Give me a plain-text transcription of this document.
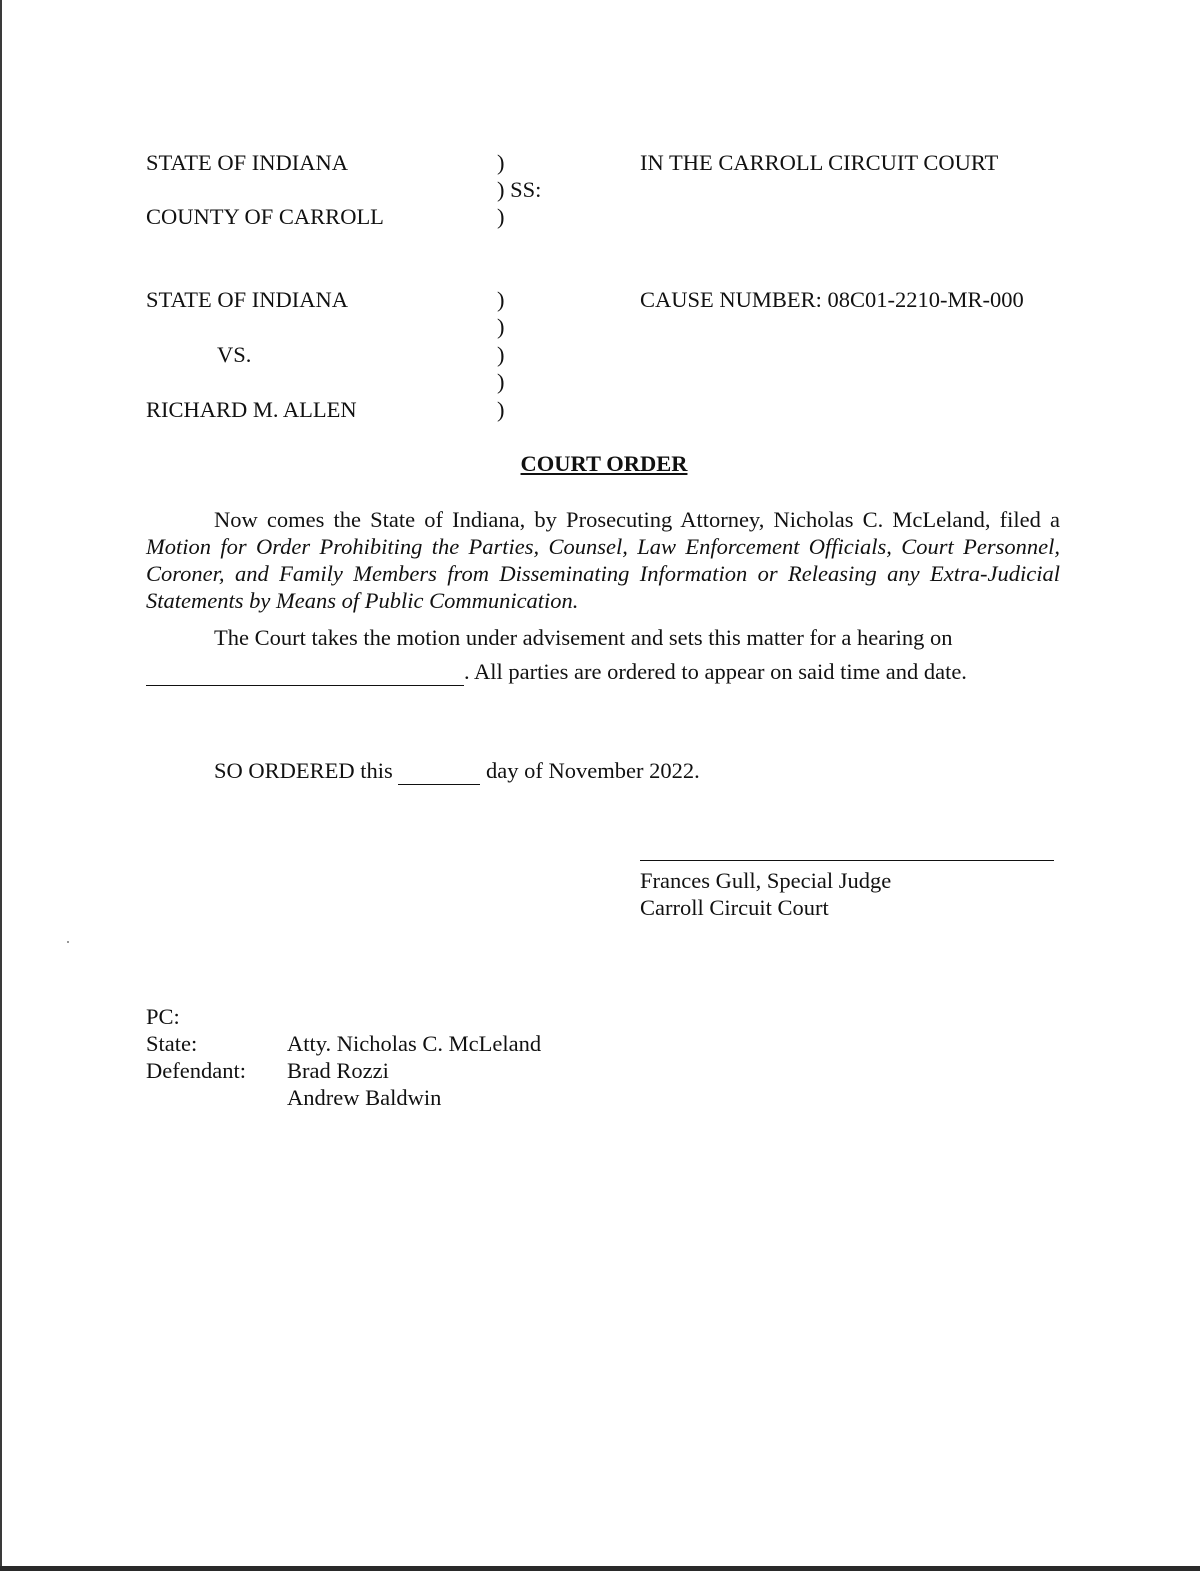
STATE OF INDIANA
COUNTY OF CARROLL
)
) SS:
)
IN THE CARROLL CIRCUIT COURT
STATE OF INDIANA
VS.
RICHARD M. ALLEN
)
)
)
)
)
CAUSE NUMBER: 08C01-2210-MR-000
COURT ORDER
Now comes the State of Indiana, by Prosecuting Attorney, Nicholas C. McLeland, filed a Motion for Order Prohibiting the Parties, Counsel, Law Enforcement Officials, Court Personnel, Coroner, and Family Members from Disseminating Information or Releasing any Extra-Judicial Statements by Means of Public Communication.
The Court takes the motion under advisement and sets this matter for a hearing on
. All parties are ordered to appear on said time and date.
SO ORDERED this	day of November 2022.
Frances Gull, Special Judge
Carroll Circuit Court
PC:
State:	Atty. Nicholas C. McLeland
Defendant: Brad Rozzi
Andrew Baldwin
